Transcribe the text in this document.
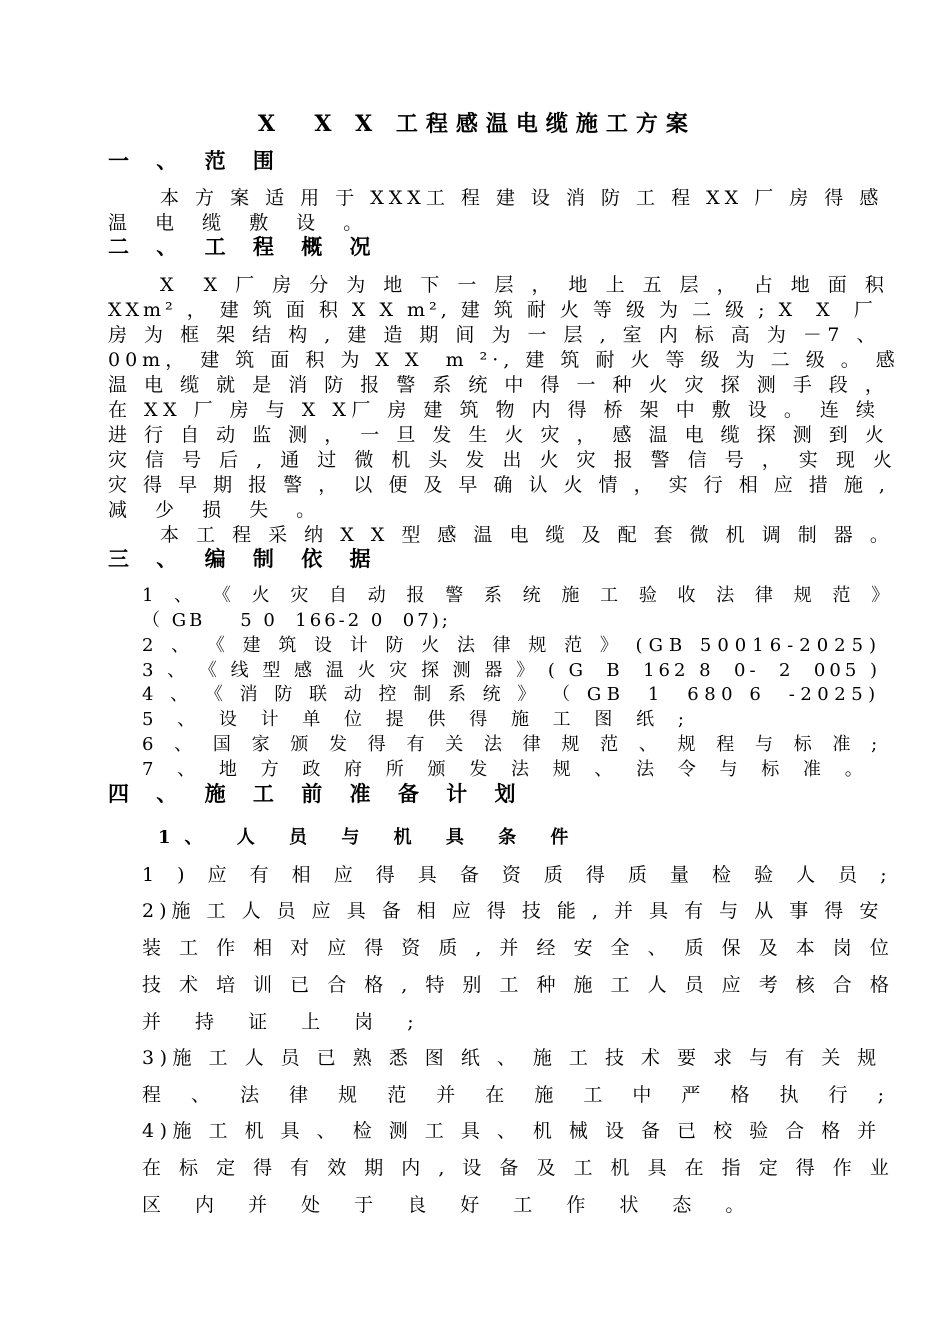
X  X X 工程感温电缆施工方案
一 、 范 围
本 方 案 适 用 于 XXX工 程 建 设 消 防 工 程 XX 厂 房 得 感
温 电 缆 敷 设 。
二 、 工 程 概 况
X  X 厂 房 分 为 地 下 一 层 ， 地 上 五 层 ， 占 地 面 积
XXm² ， 建 筑 面 积 X X m², 建 筑 耐 火 等 级 为 二 级 ; X  X  厂
房 为 框 架 结 构 , 建 造 期 间 为 一 层 , 室 内 标 高 为 －7 、
00m， 建 筑 面 积 为 X X  m ²·, 建 筑 耐 火 等 级 为 二 级 。 感
温 电 缆 就 是 消 防 报 警 系 统 中 得 一 种 火 灾 探 测 手 段 ，
在 XX 厂 房 与 X X厂 房 建 筑 物 内 得 桥 架 中 敷 设 。 连 续
进 行 自 动 监 测 ， 一 旦 发 生 火 灾 ， 感 温 电 缆 探 测 到 火
灾 信 号 后 , 通 过 微 机 头 发 出 火 灾 报 警 信 号 ， 实 现 火
灾 得 早 期 报 警 ， 以 便 及 早 确 认 火 情 ， 实 行 相 应 措 施 ,
减 少 损 失 。
本 工 程 采 纳 X X 型 感 温 电 缆 及 配 套 微 机 调 制 器 。
三 、 编 制 依 据
1 、 《 火 灾 自 动 报 警 系 统 施 工 验 收 法 律 规 范 》
（ GB    5 0  166-2 0  07);
2 、 《 建 筑 设 计 防 火 法 律 规 范 》 (GB 50016-2025)
3 、 《 线 型 感 温 火 灾 探 测 器 》 ( G  B  162 8  0-  2  005 )
4 、 《 消 防 联 动 控 制 系 统 》 （ GB  1  680 6  -2025)
5 、 设 计 单 位 提 供 得 施 工 图 纸 ;
6 、 国 家 颁 发 得 有 关 法 律 规 范 、 规 程 与 标 准 ;
7 、 地 方 政 府 所 颁 发 法 规 、 法 令 与 标 准 。
四 、 施 工 前 准 备 计 划
1、 人 员 与 机 具 条 件
1 ) 应 有 相 应 得 具 备 资 质 得 质 量 检 验 人 员 ;
2)施 工 人 员 应 具 备 相 应 得 技 能 , 并 具 有 与 从 事 得 安
装 工 作 相 对 应 得 资 质 , 并 经 安 全 、 质 保 及 本 岗 位
技 术 培 训 已 合 格 , 特 别 工 种 施 工 人 员 应 考 核 合 格
并 持 证 上 岗 ;
3)施 工 人 员 已 熟 悉 图 纸 、 施 工 技 术 要 求 与 有 关 规
程 、 法 律 规 范 并 在 施 工 中 严 格 执 行 ;
4)施 工 机 具 、 检 测 工 具 、 机 械 设 备 已 校 验 合 格 并
在 标 定 得 有 效 期 内 , 设 备 及 工 机 具 在 指 定 得 作 业
区 内 并 处 于 良 好 工 作 状 态 。
